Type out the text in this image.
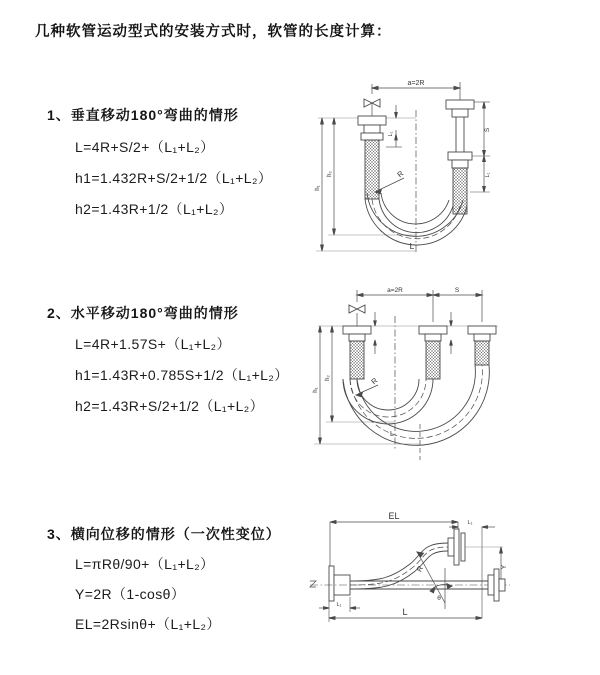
几种软管运动型式的安装方式时，软管的长度计算：
1、垂直移动180°弯曲的情形
L=4R+S/2+（L₁+L₂）
h1=1.432R+S/2+1/2（L₁+L₂）
h2=1.43R+1/2（L₁+L₂）
2、水平移动180°弯曲的情形
L=4R+1.57S+（L₁+L₂）
h1=1.43R+0.785S+1/2（L₁+L₂）
h2=1.43R+S/2+1/2（L₁+L₂）
3、横向位移的情形（一次性变位）
L=πRθ/90+（L₁+L₂）
Y=2R（1-cosθ）
EL=2Rsinθ+（L₁+L₂）
a=2R
L₁
S
L₁
h₁
h₂	R
L
a=2R	S
h₁
h₂	R
L
EL
L₁
Y
R
θ
L₁
L
